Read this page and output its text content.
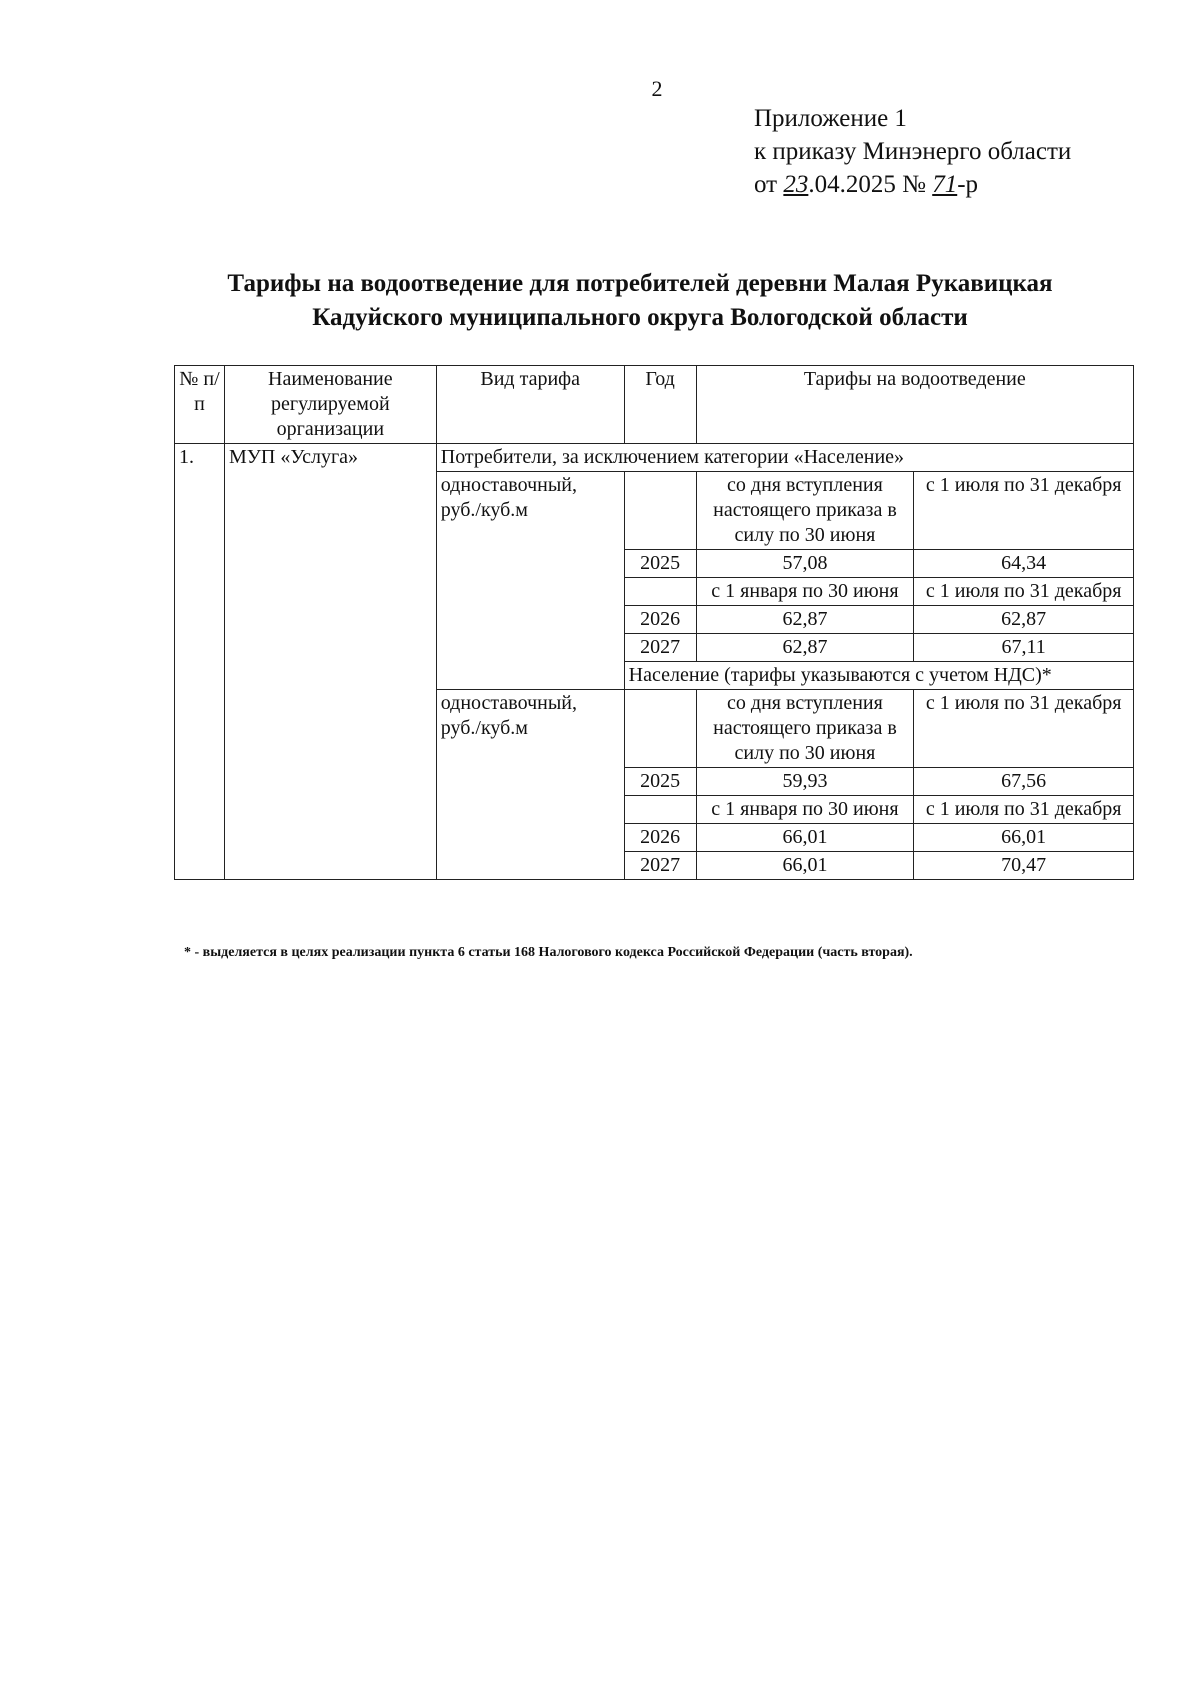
2
Приложение 1
к приказу Минэнерго области
от 23.04.2025 № 71-р
Тарифы на водоотведение для потребителей деревни Малая Рукавицкая
Кадуйского муниципального округа Вологодской области
№ п/п	Наименование регулируемой организации	Вид тарифа	Год	Тарифы на водоотведение	
1.	МУП «Услуга»	Потребители, за исключением категории «Население»			
		одноставочный, руб./куб.м		со дня вступления настоящего приказа в силу по 30 июня	с 1 июля по 31 декабря
			2025	57,08	64,34
				с 1 января по 30 июня	с 1 июля по 31 декабря
			2026	62,87	62,87
			2027	62,87	67,11
			Население (тарифы указываются с учетом НДС)*		
		одноставочный, руб./куб.м		со дня вступления настоящего приказа в силу по 30 июня	с 1 июля по 31 декабря
			2025	59,93	67,56
				с 1 января по 30 июня	с 1 июля по 31 декабря
			2026	66,01	66,01
			2027	66,01	70,47
* - выделяется в целях реализации пункта 6 статьи 168 Налогового кодекса Российской Федерации (часть вторая).
